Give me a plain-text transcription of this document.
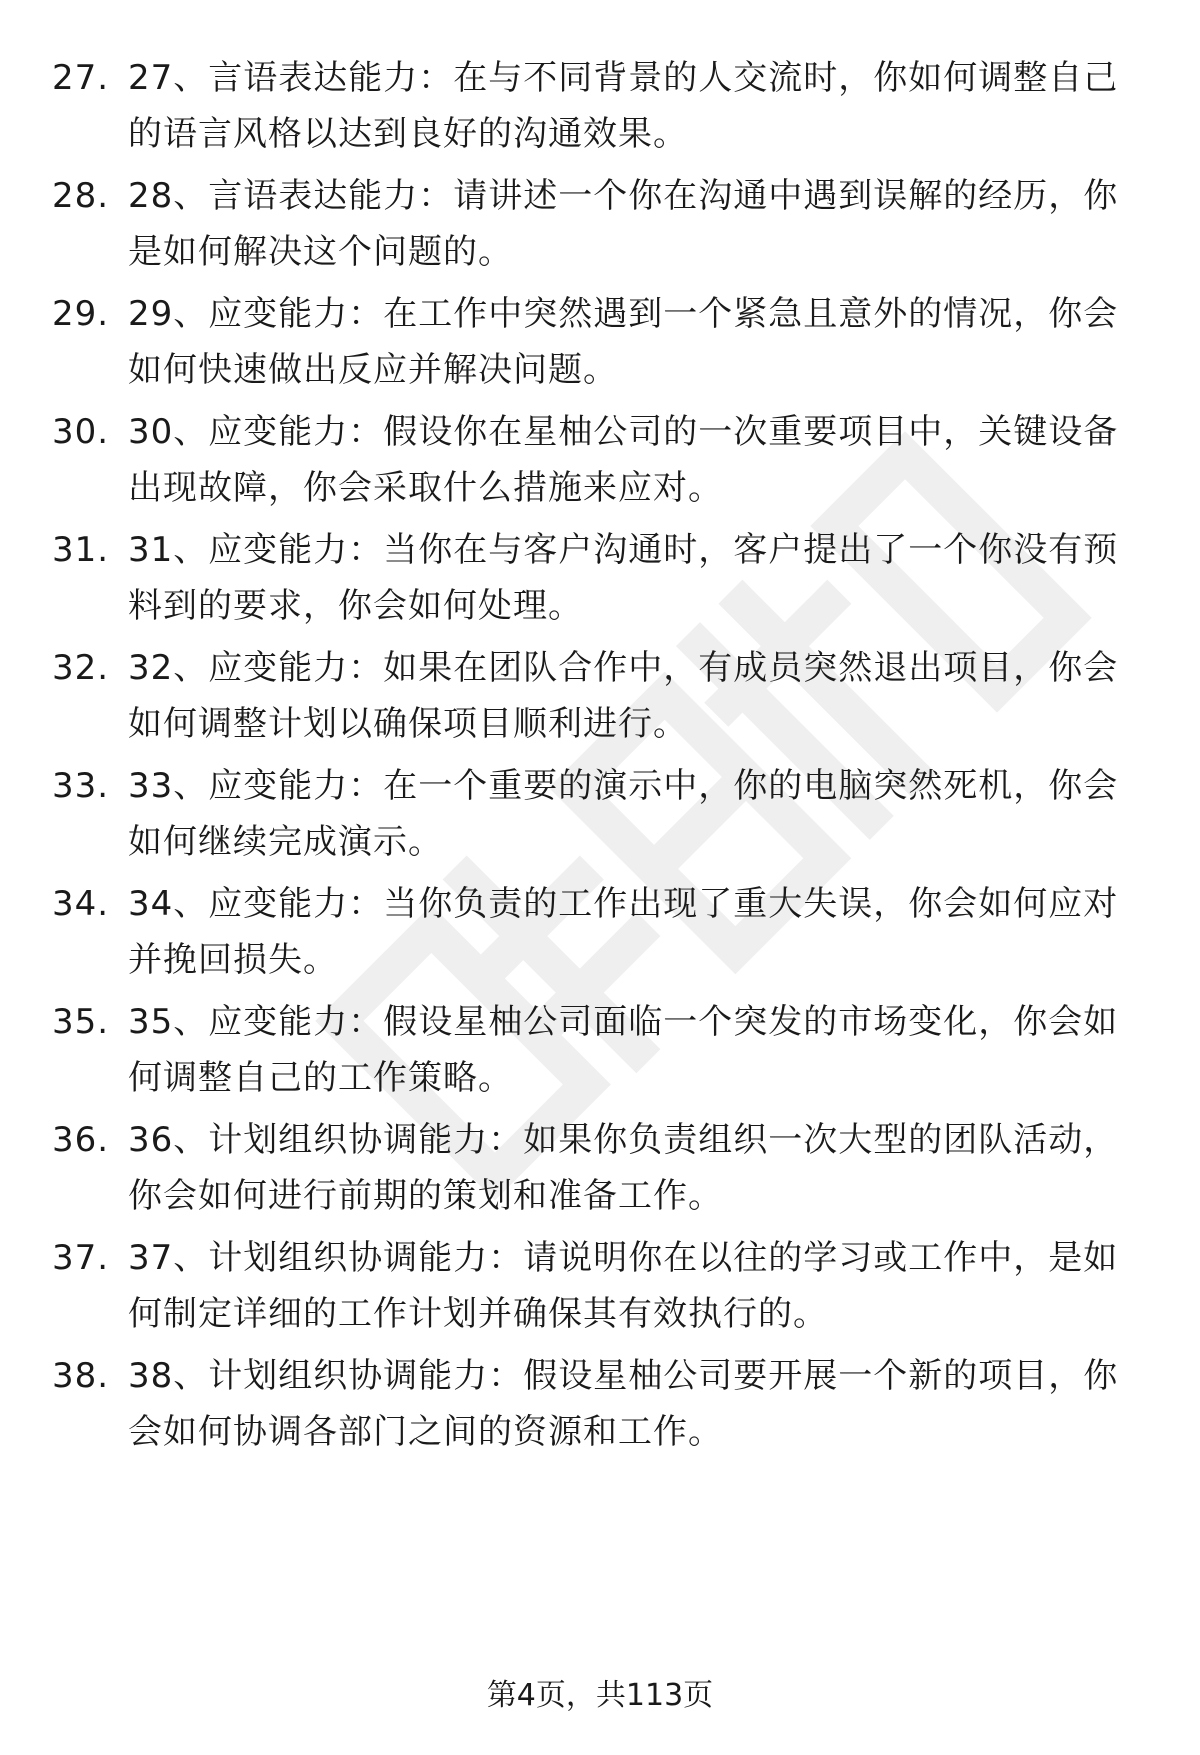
27. 27、言语表达能力：在与不同背景的人交流时，你如何调整自己的语言风格以达到良好的沟通效果。
28. 28、言语表达能力：请讲述一个你在沟通中遇到误解的经历，你是如何解决这个问题的。
29. 29、应变能力：在工作中突然遇到一个紧急且意外的情况，你会如何快速做出反应并解决问题。
30. 30、应变能力：假设你在星柚公司的一次重要项目中，关键设备出现故障，你会采取什么措施来应对。
31. 31、应变能力：当你在与客户沟通时，客户提出了一个你没有预料到的要求，你会如何处理。
32. 32、应变能力：如果在团队合作中，有成员突然退出项目，你会如何调整计划以确保项目顺利进行。
33. 33、应变能力：在一个重要的演示中，你的电脑突然死机，你会如何继续完成演示。
34. 34、应变能力：当你负责的工作出现了重大失误，你会如何应对并挽回损失。
35. 35、应变能力：假设星柚公司面临一个突发的市场变化，你会如何调整自己的工作策略。
36. 36、计划组织协调能力：如果你负责组织一次大型的团队活动，你会如何进行前期的策划和准备工作。
37. 37、计划组织协调能力：请说明你在以往的学习或工作中，是如何制定详细的工作计划并确保其有效执行的。
38. 38、计划组织协调能力：假设星柚公司要开展一个新的项目，你会如何协调各部门之间的资源和工作。
第4页，共113页
